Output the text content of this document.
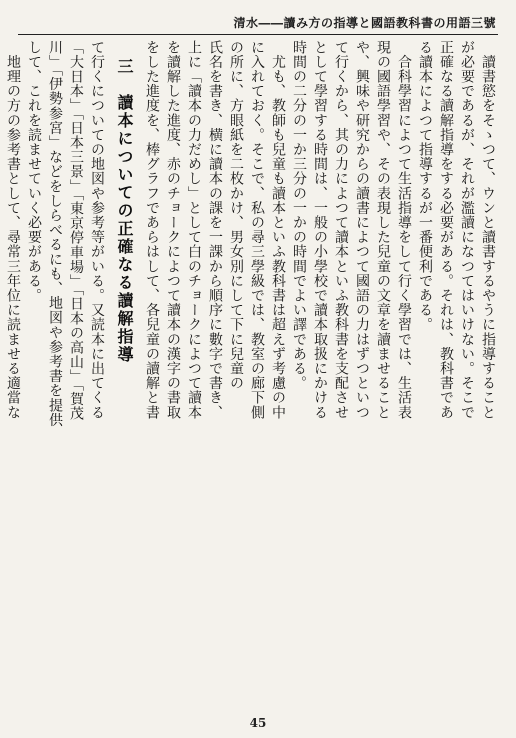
清水――讀み方の指導と國語教科書の用語三號
　讀書慾をそゝつて、ウンと讀書するやうに指導すること
が必要であるが、それが濫讀になつてはいけない。そこで
正確なる讀解指導をする必要がある。それは、教科書であ
る讀本によつて指導するが一番便利である。
　合科學習によつて生活指導をして行く學習では、生活表
現の國語學習や、その表現した兒童の文章を讀ませること
や、興味や研究からの讀書によつて國語の力はずつといつ
て行くから、其の力によつて讀本といふ教科書を支配させ
として學習する時間は、一般の小學校で讀本取扱にかける
時間の二分の一か三分の一かの時間でよい譯である。
　尤も、教師も兒童も讀本といふ教科書は超えず考慮の中
に入れておく。そこで、私の尋三學級では、教室の廊下側
の所に、方眼紙を二枚かけ、男女別にして下に兒童の
氏名を書き、横に讀本の課を一課から順序に數字で書き、
上に「讀本の力だめし」として白のチョークによつて讀本
を讀解した進度、赤のチョークによつて讀本の漢字の書取
をした進度を、棒グラフであらはして、各兒童の讀解と書
三　讀本についての正確なる讀解指導
て行くについての地図や参考等がいる。又読本に出てくる
「大日本」「日本三景」「東京停車場」「日本の高山」「賀茂
川」「伊勢参宮」などをしらべるにも、地図や参考書を提供
して、これを読ませていく必要がある。
　地理の方の参考書として、尋常三年位に読ませる適當な
45
